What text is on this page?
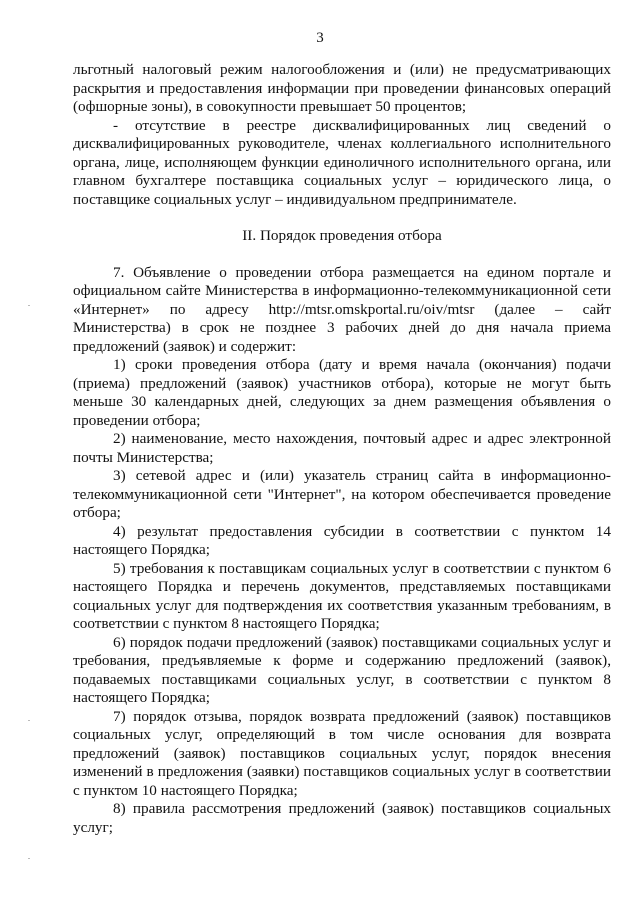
3

льготный налоговый режим налогообложения и (или) не предусматривающих раскрытия и предоставления информации при проведении финансовых операций (офшорные зоны), в совокупности превышает 50 процентов;

- отсутствие в реестре дисквалифицированных лиц сведений о дисквалифицированных руководителе, членах коллегиального исполнительного органа, лице, исполняющем функции единоличного исполнительного органа, или главном бухгалтере поставщика социальных услуг – юридического лица, о поставщике социальных услуг – индивидуальном предпринимателе.

II. Порядок проведения отбора

7. Объявление о проведении отбора размещается на едином портале и официальном сайте Министерства в информационно-телекоммуникационной сети «Интернет» по адресу http://mtsr.omskportal.ru/oiv/mtsr (далее – сайт Министерства) в срок не позднее 3 рабочих дней до дня начала приема предложений (заявок) и содержит:

1) сроки проведения отбора (дату и время начала (окончания) подачи (приема) предложений (заявок) участников отбора), которые не могут быть меньше 30 календарных дней, следующих за днем размещения объявления о проведении отбора;

2) наименование, место нахождения, почтовый адрес и адрес электронной почты Министерства;

3) сетевой адрес и (или) указатель страниц сайта в информационно-телекоммуникационной сети "Интернет", на котором обеспечивается проведение отбора;

4) результат предоставления субсидии в соответствии с пунктом 14 настоящего Порядка;

5) требования к поставщикам социальных услуг в соответствии с пунктом 6 настоящего Порядка и перечень документов, представляемых поставщиками социальных услуг для подтверждения их соответствия указанным требованиям, в соответствии с пунктом 8 настоящего Порядка;

6) порядок подачи предложений (заявок) поставщиками социальных услуг и требования, предъявляемые к форме и содержанию предложений (заявок), подаваемых поставщиками социальных услуг, в соответствии с пунктом 8 настоящего Порядка;

7) порядок отзыва, порядок возврата предложений (заявок) поставщиков социальных услуг, определяющий в том числе основания для возврата предложений (заявок) поставщиков социальных услуг, порядок внесения изменений в предложения (заявки) поставщиков социальных услуг в соответствии с пунктом 10 настоящего Порядка;

8) правила рассмотрения предложений (заявок) поставщиков социальных услуг;
